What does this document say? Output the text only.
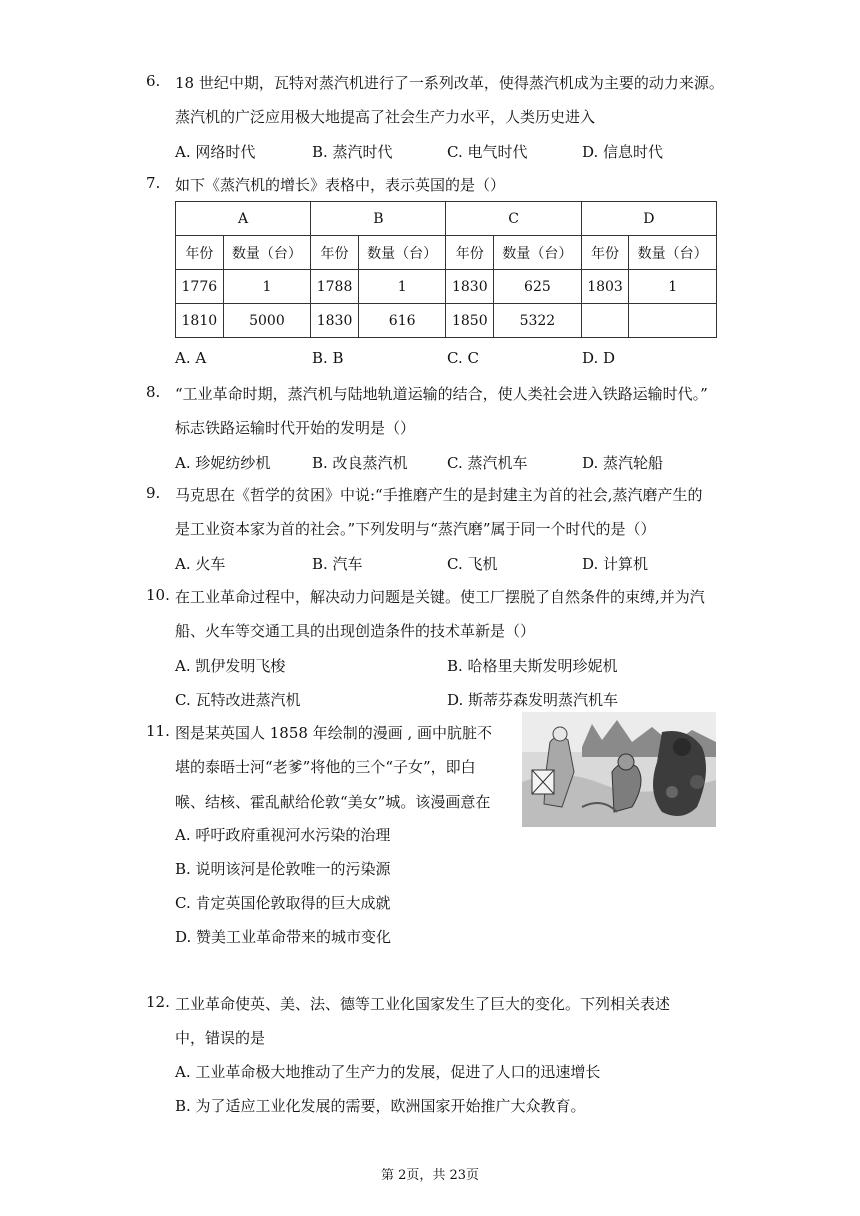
6. 18 世纪中期，瓦特对蒸汽机进行了一系列改革，使得蒸汽机成为主要的动力来源。
蒸汽机的广泛应用极大地提高了社会生产力水平，人类历史进入
A. 网络时代	B. 蒸汽时代	C. 电气时代	D. 信息时代
7. 如下《蒸汽机的增长》表格中，表示英国的是（）
A		B		C		D	
年份	数量（台）	年份	数量（台）	年份	数量（台）	年份	数量（台）
1776	1	1788	1	1830	625	1803	1
1810	5000	1830	616	1850	5322		
A. A	B. B	C. C	D. D
8. “工业革命时期，蒸汽机与陆地轨道运输的结合，使人类社会进入铁路运输时代。”
标志铁路运输时代开始的发明是（）
A. 珍妮纺纱机	B. 改良蒸汽机	C. 蒸汽机车	D. 蒸汽轮船
9. 马克思在《哲学的贫困》中说:“手推磨产生的是封建主为首的社会,蒸汽磨产生的
是工业资本家为首的社会。”下列发明与“蒸汽磨”属于同一个时代的是（）
A. 火车	B. 汽车	C. 飞机	D. 计算机
10. 在工业革命过程中，解决动力问题是关键。使工厂摆脱了自然条件的束缚,并为汽
船、火车等交通工具的出现创造条件的技术革新是（）
A. 凯伊发明飞梭	B. 哈格里夫斯发明珍妮机
C. 瓦特改进蒸汽机	D. 斯蒂芬森发明蒸汽机车
11. 图是某英国人 1858 年绘制的漫画 , 画中肮脏不
堪的泰晤士河“老爹”将他的三个“子女”，即白
喉、结核、霍乱献给伦敦“美女”城。该漫画意在
A. 呼吁政府重视河水污染的治理
B. 说明该河是伦敦唯一的污染源
C. 肯定英国伦敦取得的巨大成就
D. 赞美工业革命带来的城市变化
12. 工业革命使英、美、法、德等工业化国家发生了巨大的变化。下列相关表述
中，错误的是
A. 工业革命极大地推动了生产力的发展，促进了人口的迅速增长
B. 为了适应工业化发展的需要，欧洲国家开始推广大众教育。
第 2页，共 23页
